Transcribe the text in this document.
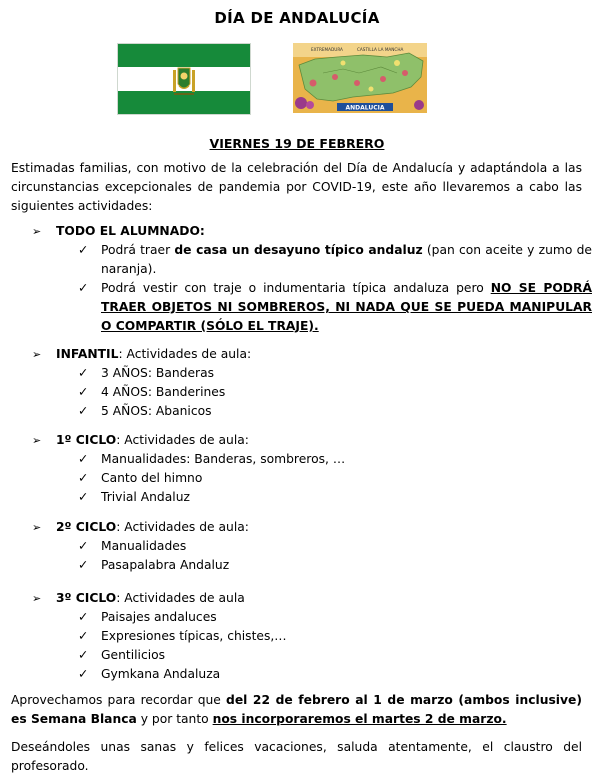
DÍA DE ANDALUCÍA
ANDALUCIA
EXTREMADURA	CASTILLA LA MANCHA
VIERNES 19 DE FEBRERO
Estimadas familias, con motivo de la celebración del Día de Andalucía y adaptándola a las circunstancias excepcionales de pandemia por COVID-19, este año llevaremos a cabo las siguientes actividades:
➢ TODO EL ALUMNADO:
✓ Podrá traer de casa un desayuno típico andaluz (pan con aceite y zumo de naranja).
✓ Podrá vestir con traje o indumentaria típica andaluza pero NO SE PODRÁ TRAER OBJETOS NI SOMBREROS, NI NADA QUE SE PUEDA MANIPULAR O COMPARTIR (SÓLO EL TRAJE).
➢ INFANTIL: Actividades de aula:
✓ 3 AÑOS: Banderas
✓ 4 AÑOS: Banderines
✓ 5 AÑOS: Abanicos
➢ 1º CICLO: Actividades de aula:
✓ Manualidades: Banderas, sombreros, …
✓ Canto del himno
✓ Trivial Andaluz
➢ 2º CICLO: Actividades de aula:
✓ Manualidades
✓ Pasapalabra Andaluz
➢ 3º CICLO: Actividades de aula
✓ Paisajes andaluces
✓ Expresiones típicas, chistes,…
✓ Gentilicios
✓ Gymkana Andaluza
Aprovechamos para recordar que del 22 de febrero al 1 de marzo (ambos inclusive) es Semana Blanca y por tanto nos incorporaremos el martes 2 de marzo.
Deseándoles unas sanas y felices vacaciones, saluda atentamente, el claustro del profesorado.
